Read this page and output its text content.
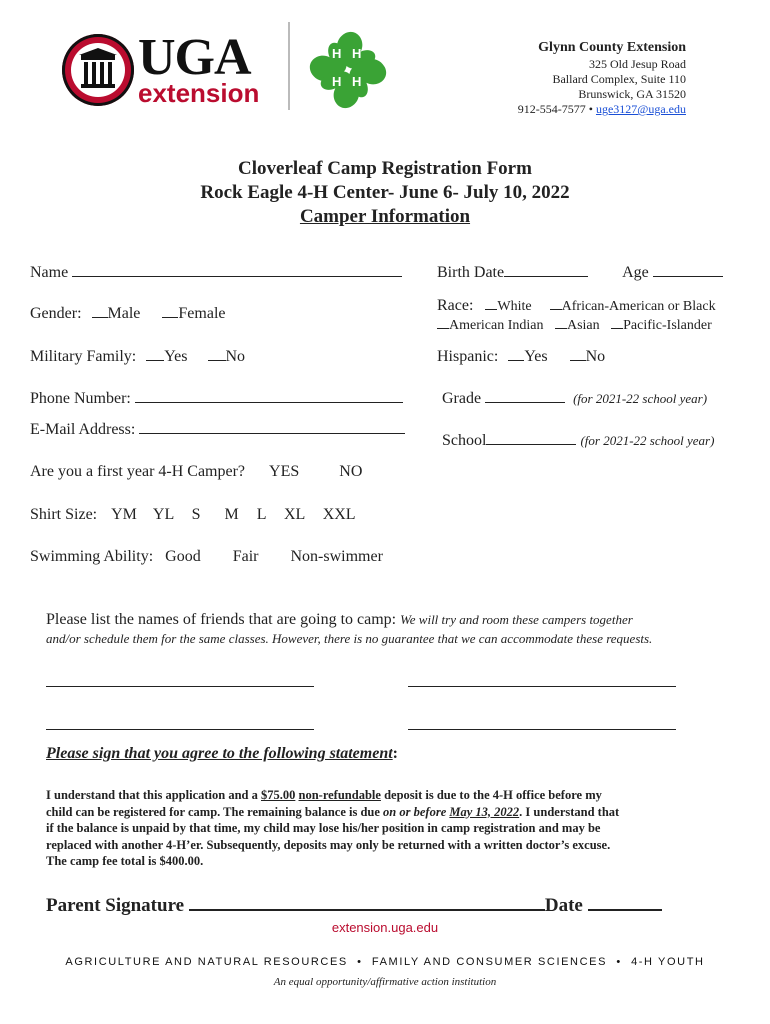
UGA
extension
H H
H H
Glynn County Extension
325 Old Jesup Road
Ballard Complex, Suite 110
Brunswick, GA 31520
912-554-7577 • uge3127@uga.edu
Cloverleaf Camp Registration Form
Rock Eagle 4-H Center- June 6- July 10, 2022
Camper Information
Name
Gender: Male Female
Military Family: Yes No
Phone Number:
E-Mail Address:
Are you a first year 4-H Camper? YES	NO
Shirt Size: YM YL S M L XL XXL
Swimming Ability: Good Fair Non-swimmer
Birth Date	Age
Race: White African-American or Black
American Indian Asian Pacific-Islander
Hispanic: Yes No
Grade	(for 2021-22 school year)
School	(for 2021-22 school year)
Please list the names of friends that are going to camp: We will try and room these campers together
and/or schedule them for the same classes. However, there is no guarantee that we can accommodate these requests.
Please sign that you agree to the following statement:
I understand that this application and a $75.00 non-refundable deposit is due to the 4-H office before my
child can be registered for camp. The remaining balance is due on or before May 13, 2022. I understand that
if the balance is unpaid by that time, my child may lose his/her position in camp registration and may be
replaced with another 4-H’er. Subsequently, deposits may only be returned with a written doctor’s excuse.
The camp fee total is $400.00.
Parent Signature	Date
extension.uga.edu
AGRICULTURE AND NATURAL RESOURCES  •  FAMILY AND CONSUMER SCIENCES  •  4-H YOUTH
An equal opportunity/affirmative action institution
